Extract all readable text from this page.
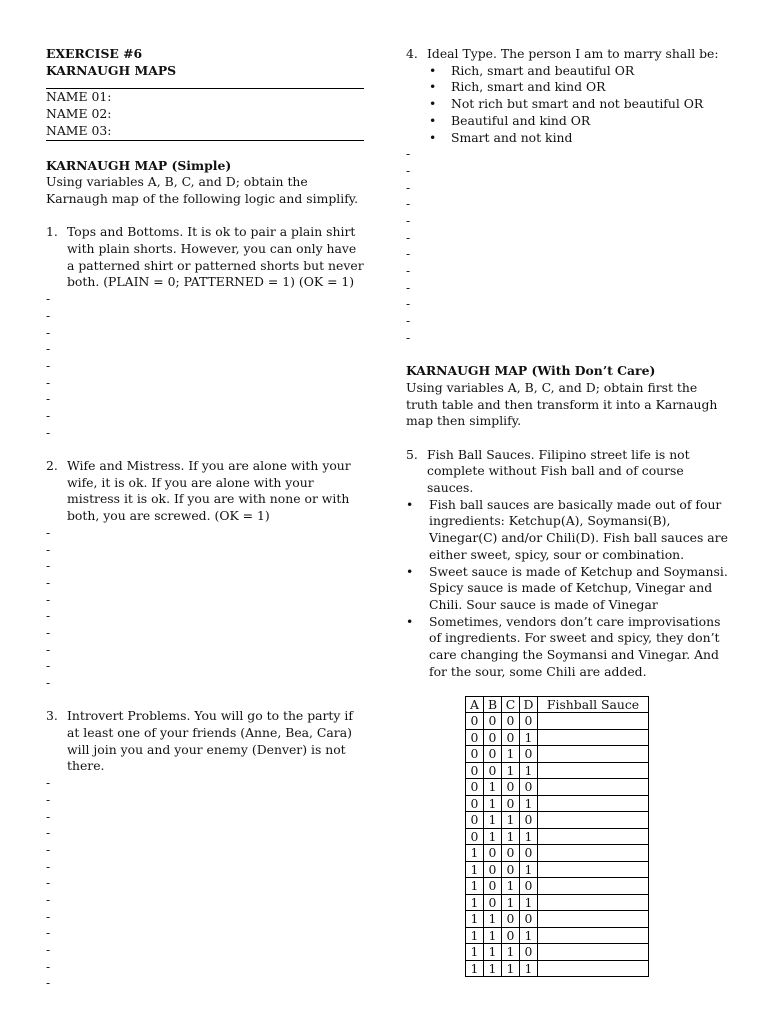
EXERCISE #6

KARNAUGH MAPS

NAME 01:

NAME 02:

NAME 03:

KARNAUGH MAP (Simple)

Using variables A, B, C, and D; obtain the Karnaugh map of the following logic and simplify.

1. Tops and Bottoms. It is ok to pair a plain shirt with plain shorts. However, you can only have a patterned shirt or patterned shorts but never both. (PLAIN = 0; PATTERNED = 1) (OK = 1)

-
-
-
-
-
-
-
-
-
2. Wife and Mistress. If you are alone with your wife, it is ok. If you are alone with your mistress it is ok. If you are with none or with both, you are screwed. (OK = 1)

-
-
-
-
-
-
-
-
-
-
3. Introvert Problems. You will go to the party if at least one of your friends (Anne, Bea, Cara) will join you and your enemy (Denver) is not there.

-
-
-
-
-
-
-
-
-
-
-
-
-
4. Ideal Type. The person I am to marry shall be:

• Rich, smart and beautiful OR
• Rich, smart and kind OR
• Not rich but smart and not beautiful OR
• Beautiful and kind OR
• Smart and not kind
-
-
-
-
-
-
-
-
-
-
-
-

KARNAUGH MAP (With Don’t Care)

Using variables A, B, C, and D; obtain first the truth table and then transform it into a Karnaugh map then simplify.

5. Fish Ball Sauces. Filipino street life is not complete without Fish ball and of course sauces.

• Fish ball sauces are basically made out of four ingredients: Ketchup(A), Soymansi(B), Vinegar(C) and/or Chili(D). Fish ball sauces are either sweet, spicy, sour or combination.
• Sweet sauce is made of Ketchup and Soymansi. Spicy sauce is made of Ketchup, Vinegar and Chili. Sour sauce is made of Vinegar
• Sometimes, vendors don’t care improvisations of ingredients. For sweet and spicy, they don’t care changing the Soymansi and Vinegar. And for the sour, some Chili are added.
A	B	C	D	Fishball Sauce
0	0	0	0	
0	0	0	1	
0	0	1	0	
0	0	1	1	
0	1	0	0	
0	1	0	1	
0	1	1	0	
0	1	1	1	
1	0	0	0	
1	0	0	1	
1	0	1	0	
1	0	1	1	
1	1	0	0	
1	1	0	1	
1	1	1	0	
1	1	1	1	
